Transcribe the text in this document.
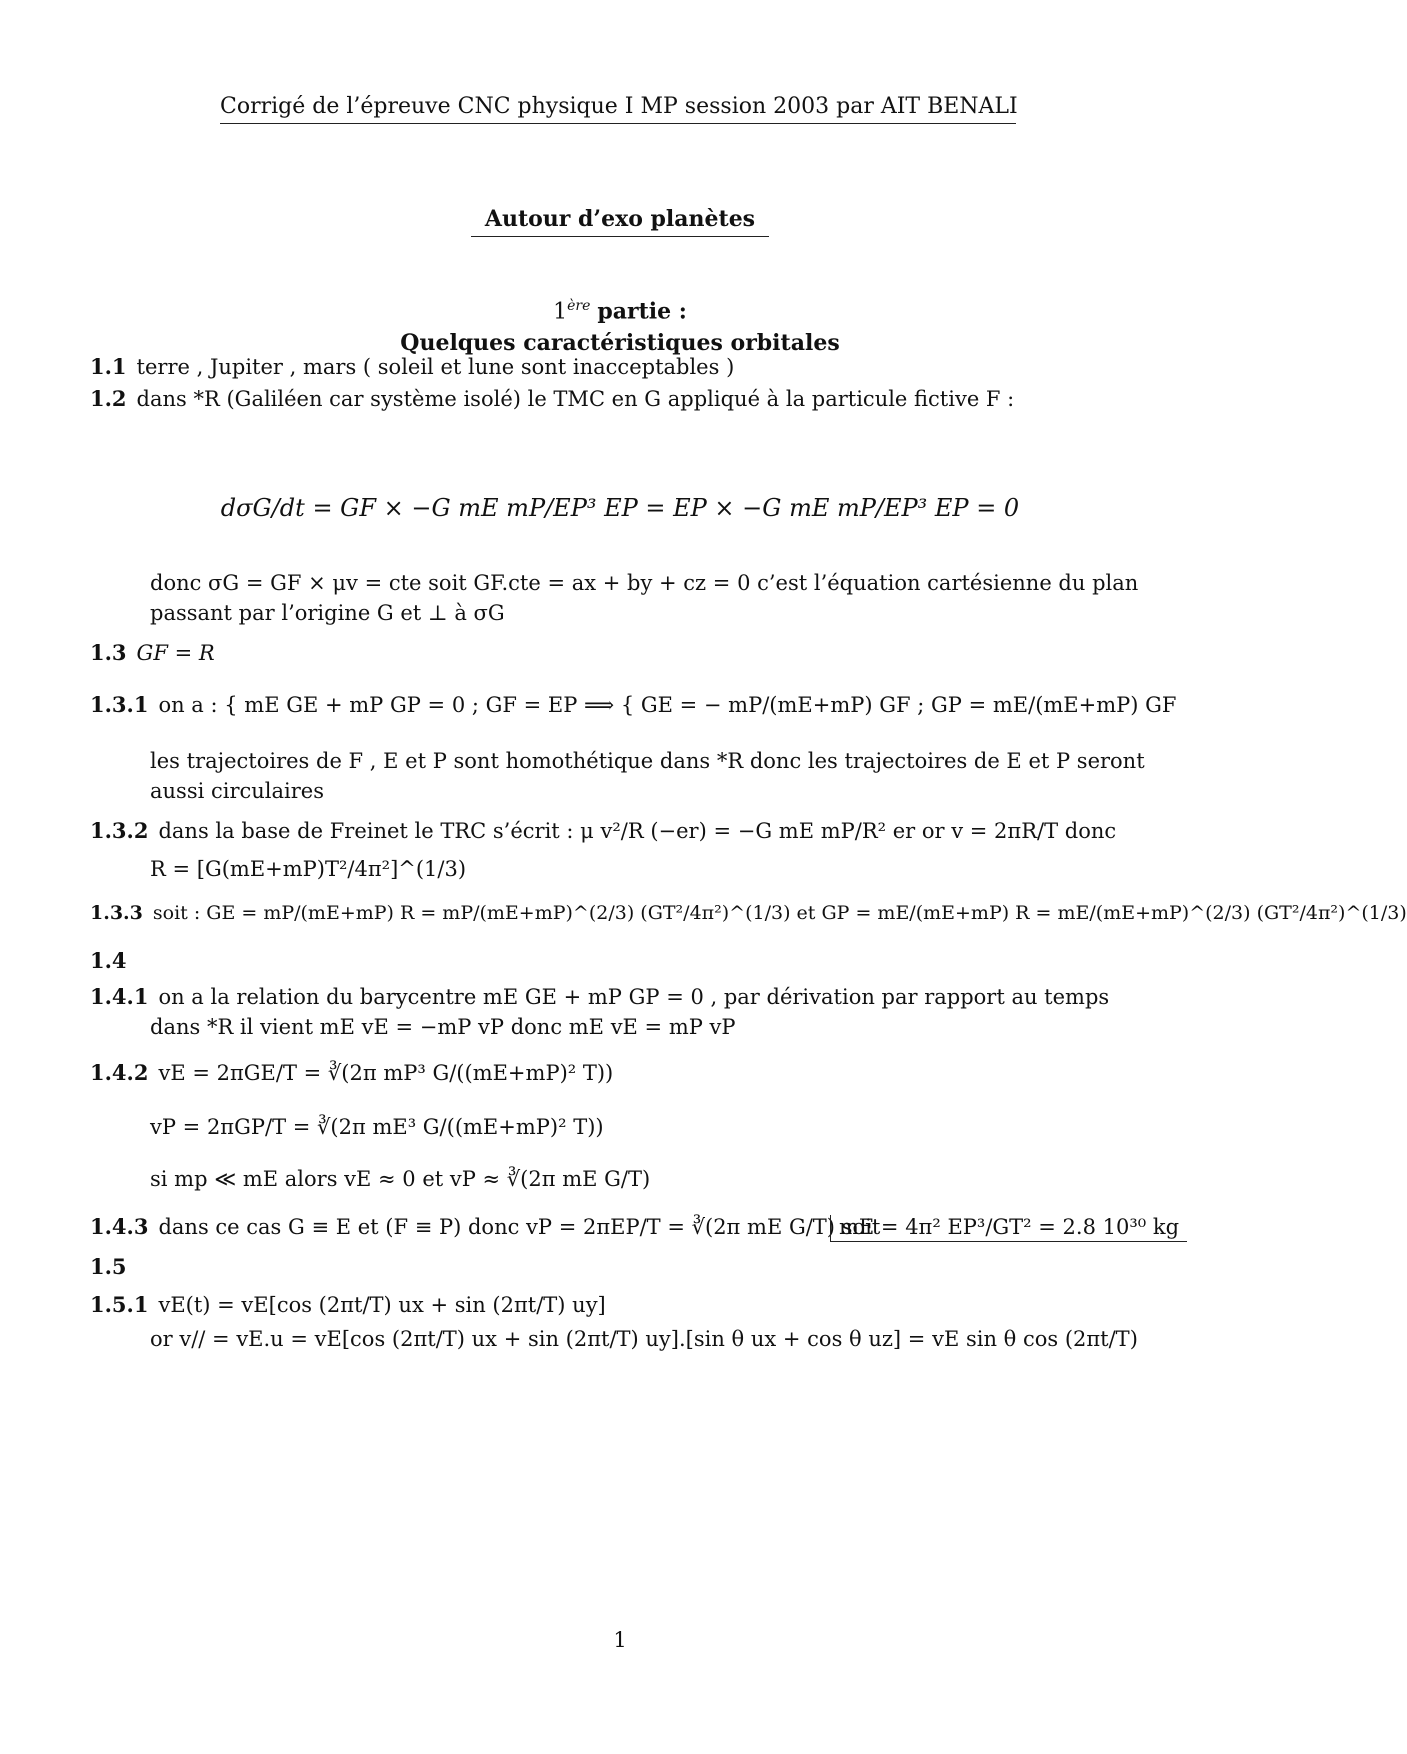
Corrigé de l’épreuve CNC physique I MP session 2003 par AIT BENALI
Autour d’exo planètes
1ère partie :
Quelques caractéristiques orbitales
1.1 terre , Jupiter , mars ( soleil et lune sont inacceptables )
1.2 dans *R (Galiléen car système isolé) le TMC en G appliqué à la particule fictive F :
dσG/dt = GF × −G mE mP/EP³ EP = EP × −G mE mP/EP³ EP = 0
donc σG = GF × μv = cte soit GF.cte = ax + by + cz = 0 c’est l’équation cartésienne du plan
passant par l’origine G et ⊥ à σG
1.3 GF = R
1.3.1 on a : { mE GE + mP GP = 0 ; GF = EP ⟹ { GE = − mP/(mE+mP) GF ; GP = mE/(mE+mP) GF
les trajectoires de F , E et P sont homothétique dans *R donc les trajectoires de E et P seront
aussi circulaires
1.3.2 dans la base de Freinet le TRC s’écrit : μ v²/R (−er) = −G mE mP/R² er or v = 2πR/T donc
R = [G(mE+mP)T²/4π²]^(1/3)
1.3.3 soit : GE = mP/(mE+mP) R = mP/(mE+mP)^(2/3) (GT²/4π²)^(1/3) et GP = mE/(mE+mP) R = mE/(mE+mP)^(2/3) (GT²/4π²)^(1/3)
1.4
1.4.1 on a la relation du barycentre mE GE + mP GP = 0 , par dérivation par rapport au temps
dans *R il vient mE vE = −mP vP donc mE vE = mP vP
1.4.2 vE = 2πGE/T = ∛(2π mP³ G/((mE+mP)² T))
vP = 2πGP/T = ∛(2π mE³ G/((mE+mP)² T))
si mp ≪ mE alors vE ≈ 0 et vP ≈ ∛(2π mE G/T)
1.4.3 dans ce cas G ≡ E et (F ≡ P) donc vP = 2πEP/T = ∛(2π mE G/T) soit
mE = 4π² EP³/GT² = 2.8 10³⁰ kg
1.5
1.5.1 vE(t) = vE[cos (2πt/T) ux + sin (2πt/T) uy]
or v// = vE.u = vE[cos (2πt/T) ux + sin (2πt/T) uy].[sin θ ux + cos θ uz] = vE sin θ cos (2πt/T)
1
